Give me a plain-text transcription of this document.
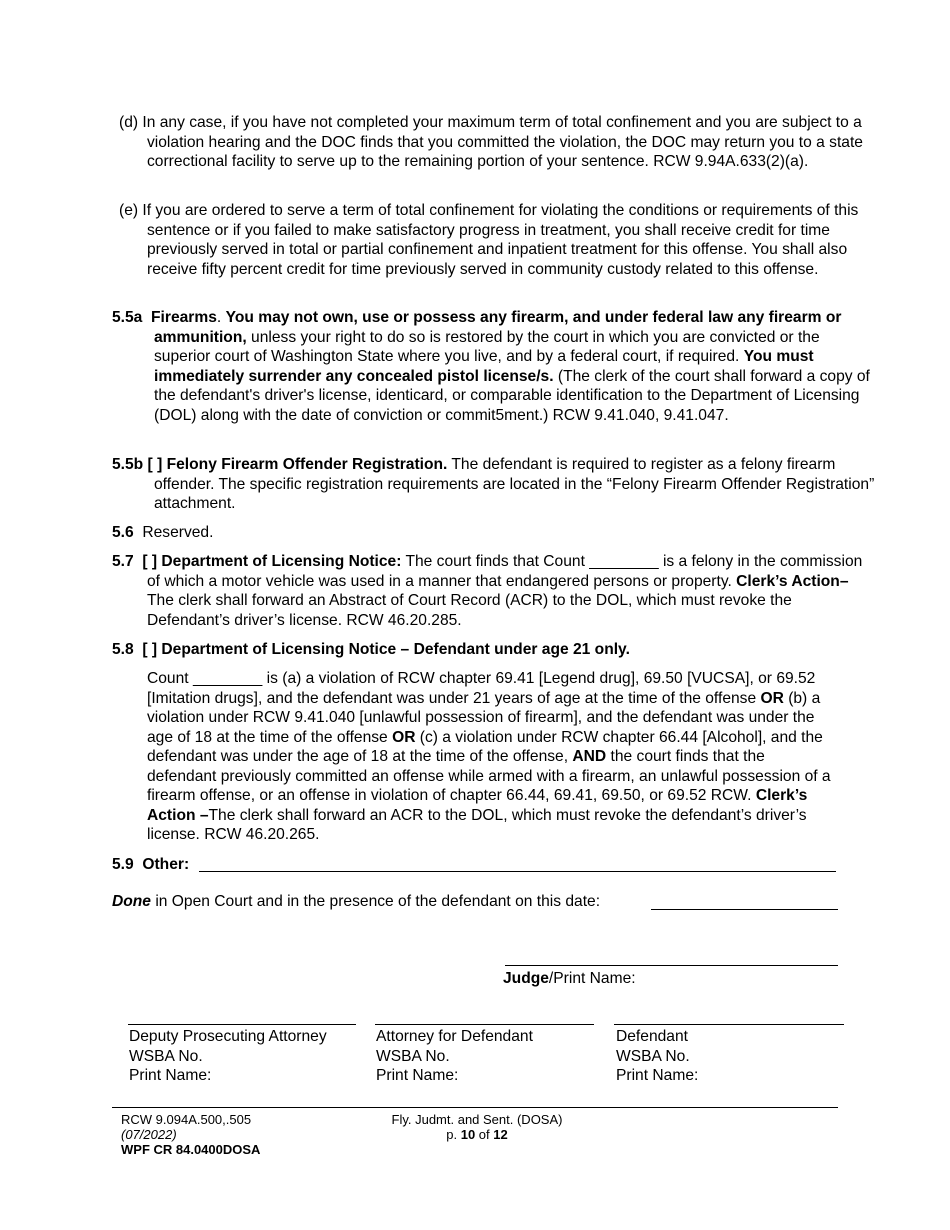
(d) In any case, if you have not completed your maximum term of total confinement and you are subject to a violation hearing and the DOC finds that you committed the violation, the DOC may return you to a state correctional facility to serve up to the remaining portion of your sentence. RCW 9.94A.633(2)(a).

(e) If you are ordered to serve a term of total confinement for violating the conditions or requirements of this sentence or if you failed to make satisfactory progress in treatment, you shall receive credit for time previously served in total or partial confinement and inpatient treatment for this offense. You shall also receive fifty percent credit for time previously served in community custody related to this offense.

5.5a Firearms. You may not own, use or possess any firearm, and under federal law any firearm or ammunition, unless your right to do so is restored by the court in which you are convicted or the superior court of Washington State where you live, and by a federal court, if required. You must immediately surrender any concealed pistol license/s. (The clerk of the court shall forward a copy of the defendant's driver's license, identicard, or comparable identification to the Department of Licensing (DOL) along with the date of conviction or commit5ment.) RCW 9.41.040, 9.41.047.

5.5b [ ] Felony Firearm Offender Registration. The defendant is required to register as a felony firearm offender. The specific registration requirements are located in the “Felony Firearm Offender Registration” attachment.

5.6 Reserved.

5.7 [ ] Department of Licensing Notice: The court finds that Count ________ is a felony in the commission of which a motor vehicle was used in a manner that endangered persons or property. Clerk’s Action–The clerk shall forward an Abstract of Court Record (ACR) to the DOL, which must revoke the Defendant’s driver’s license. RCW 46.20.285.

5.8 [ ] Department of Licensing Notice – Defendant under age 21 only.

Count ________ is (a) a violation of RCW chapter 69.41 [Legend drug], 69.50 [VUCSA], or 69.52 [Imitation drugs], and the defendant was under 21 years of age at the time of the offense OR (b) a violation under RCW 9.41.040 [unlawful possession of firearm], and the defendant was under the age of 18 at the time of the offense OR (c) a violation under RCW chapter 66.44 [Alcohol], and the defendant was under the age of 18 at the time of the offense, AND the court finds that the defendant previously committed an offense while armed with a firearm, an unlawful possession of a firearm offense, or an offense in violation of chapter 66.44, 69.41, 69.50, or 69.52 RCW. Clerk’s Action –The clerk shall forward an ACR to the DOL, which must revoke the defendant’s driver’s license. RCW 46.20.265.

5.9 Other:

Done in Open Court and in the presence of the defendant on this date:

Judge/Print Name:
Deputy Prosecuting Attorney
WSBA No.
Print Name:
Attorney for Defendant
WSBA No.
Print Name:
Defendant
WSBA No.
Print Name:
RCW 9.094A.500,.505
(07/2022)
WPF CR 84.0400DOSA
Fly. Judmt. and Sent. (DOSA)
p. 10 of 12
